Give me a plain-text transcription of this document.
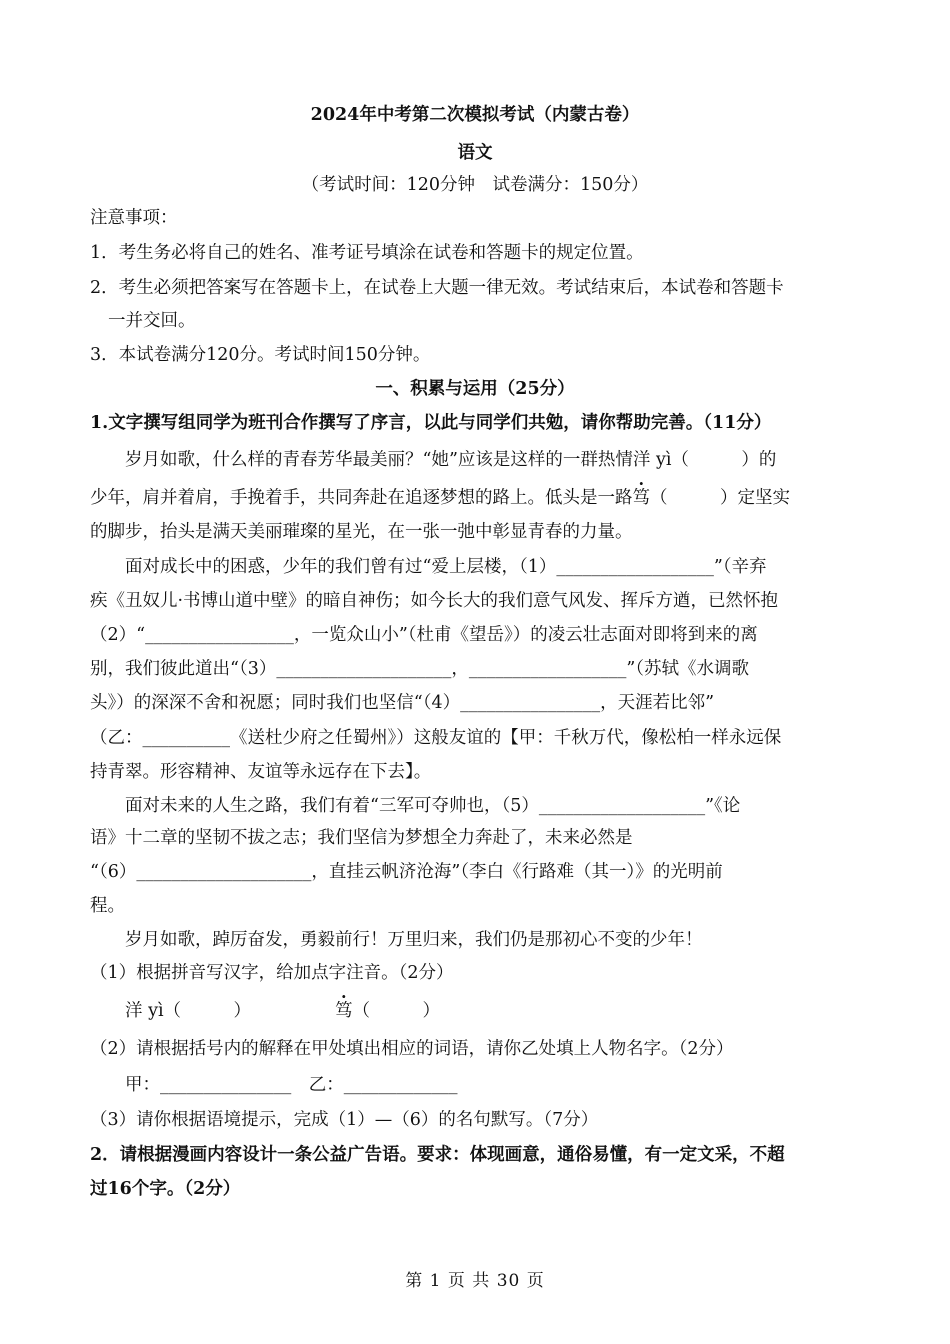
2024年中考第二次模拟考试（内蒙古卷）
语文
（考试时间：120分钟　试卷满分：150分）
注意事项：
1．考生务必将自己的姓名、准考证号填涂在试卷和答题卡的规定位置。
2．考生必须把答案写在答题卡上，在试卷上大题一律无效。考试结束后，本试卷和答题卡
一并交回。
3．本试卷满分120分。考试时间150分钟。
一、积累与运用（25分）
1.文字撰写组同学为班刊合作撰写了序言，以此与同学们共勉，请你帮助完善。（11分）
岁月如歌，什么样的青春芳华最美丽？“她”应该是这样的一群热情洋 yì（　　　）的
少年，肩并着肩，手挽着手，共同奔赴在追逐梦想的路上。低头是一路笃（　　　）定坚实
的脚步，抬头是满天美丽璀璨的星光，在一张一弛中彰显青春的力量。
面对成长中的困惑，少年的我们曾有过“爱上层楼，（1）__________________”（辛弃
疾《丑奴儿·书博山道中壁》的暗自神伤；如今长大的我们意气风发、挥斥方遒，已然怀抱
（2）“_________________，一览众山小”（杜甫《望岳》）的凌云壮志面对即将到来的离
别，我们彼此道出“（3）____________________，__________________”（苏轼《水调歌
头》）的深深不舍和祝愿；同时我们也坚信“（4）________________，天涯若比邻”
（乙：__________《送杜少府之任蜀州》）这般友谊的【甲：千秋万代，像松柏一样永远保
持青翠。形容精神、友谊等永远存在下去】。
面对未来的人生之路，我们有着“三军可夺帅也，（5）___________________”《论
语》十二章的坚韧不拔之志；我们坚信为梦想全力奔赴了，未来必然是
“（6）____________________，直挂云帆济沧海”（李白《行路难（其一）》的光明前
程。
岁月如歌，踔厉奋发，勇毅前行！万里归来，我们仍是那初心不变的少年！
（1）根据拼音写汉字，给加点字注音。（2分）
洋 yì（　　　）	笃（　　　）
（2）请根据括号内的解释在甲处填出相应的词语，请你乙处填上人物名字。（2分）
甲：_______________　乙：_____________
（3）请你根据语境提示，完成（1）—（6）的名句默写。（7分）
2．请根据漫画内容设计一条公益广告语。要求：体现画意，通俗易懂，有一定文采，不超
过16个字。（2分）
第 1 页 共 30 页
